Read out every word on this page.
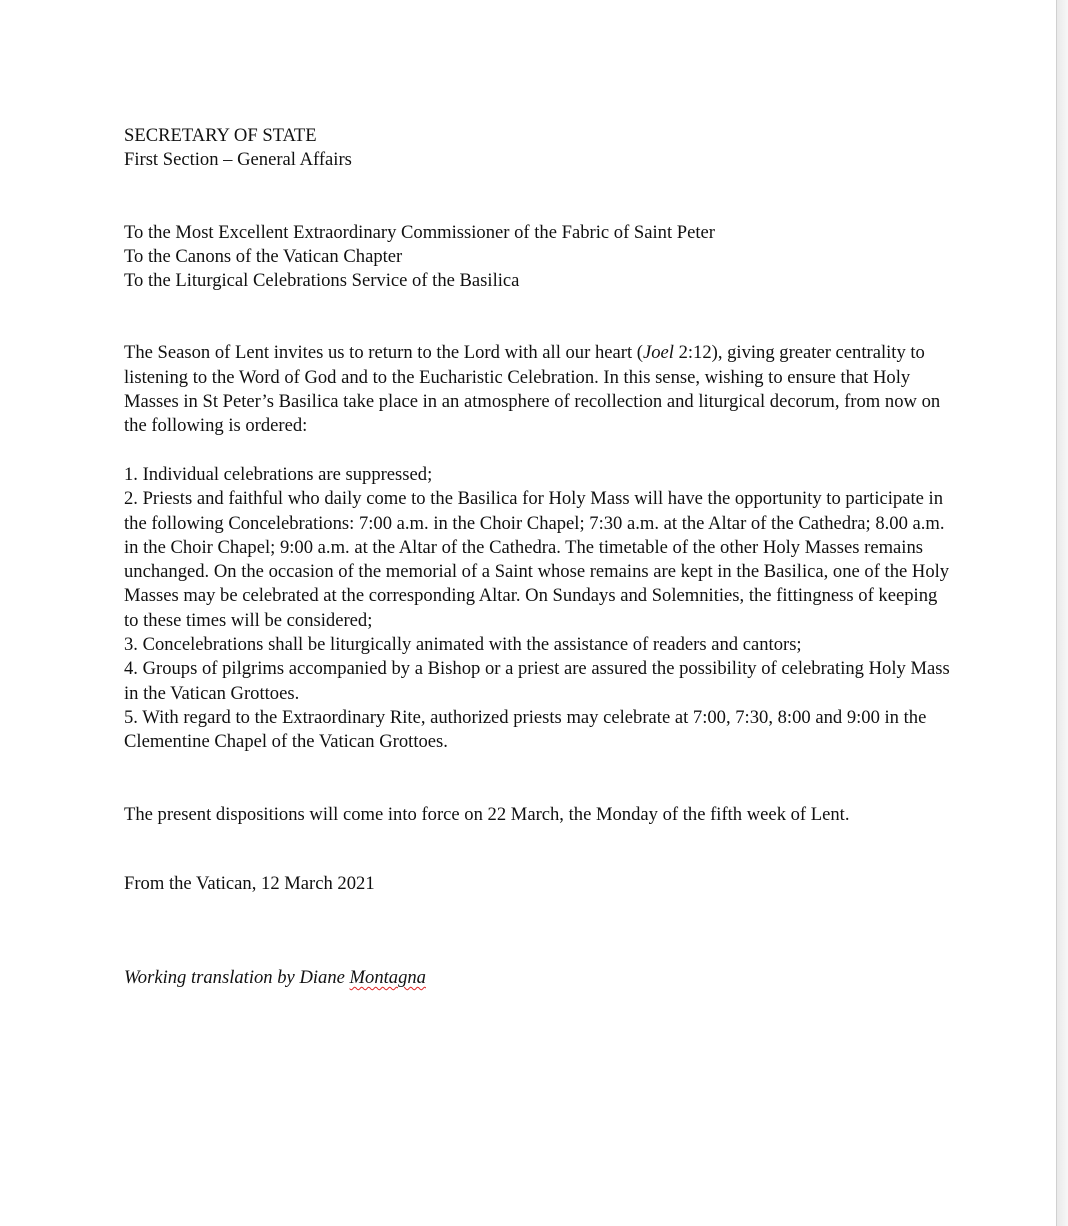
SECRETARY OF STATE

First Section – General Affairs

To the Most Excellent Extraordinary Commissioner of the Fabric of Saint Peter

To the Canons of the Vatican Chapter

To the Liturgical Celebrations Service of the Basilica

The Season of Lent invites us to return to the Lord with all our heart (Joel 2:12), giving greater centrality to listening to the Word of God and to the Eucharistic Celebration. In this sense, wishing to ensure that Holy Masses in St Peter’s Basilica take place in an atmosphere of recollection and liturgical decorum, from now on the following is ordered:

1. Individual celebrations are suppressed;
2. Priests and faithful who daily come to the Basilica for Holy Mass will have the opportunity to participate in the following Concelebrations: 7:00 a.m. in the Choir Chapel; 7:30 a.m. at the Altar of the Cathedra; 8.00 a.m. in the Choir Chapel; 9:00 a.m. at the Altar of the Cathedra. The timetable of the other Holy Masses remains unchanged. On the occasion of the memorial of a Saint whose remains are kept in the Basilica, one of the Holy Masses may be celebrated at the corresponding Altar. On Sundays and Solemnities, the fittingness of keeping to these times will be considered;
3. Concelebrations shall be liturgically animated with the assistance of readers and cantors;
4. Groups of pilgrims accompanied by a Bishop or a priest are assured the possibility of celebrating Holy Mass in the Vatican Grottoes.
5. With regard to the Extraordinary Rite, authorized priests may celebrate at 7:00, 7:30, 8:00 and 9:00 in the Clementine Chapel of the Vatican Grottoes.

The present dispositions will come into force on 22 March, the Monday of the fifth week of Lent.

From the Vatican, 12 March 2021

Working translation by Diane Montagna
